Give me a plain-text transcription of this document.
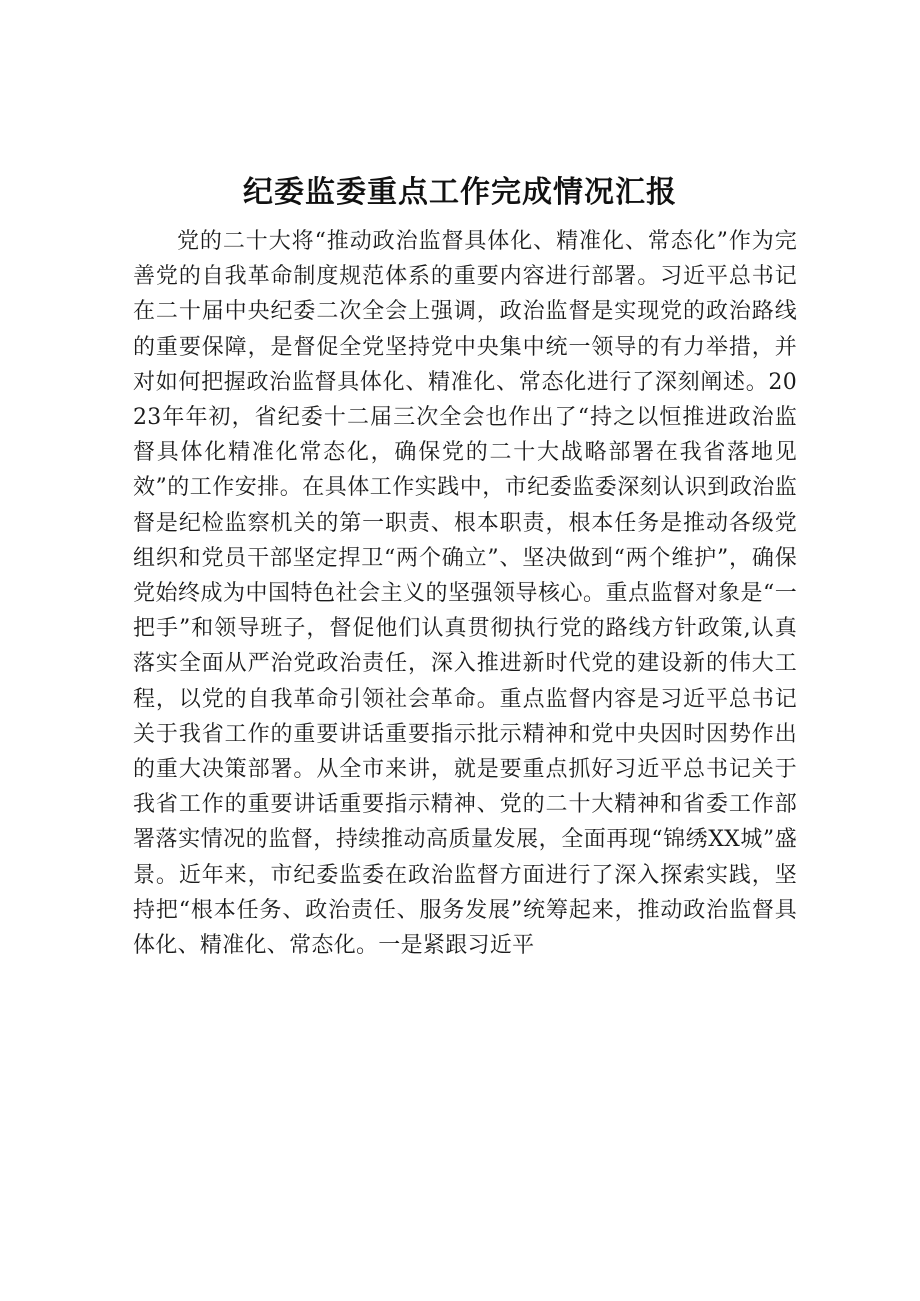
纪委监委重点工作完成情况汇报

党的二十大将“推动政治监督具体化、精准化、常态化”作为完善党的自我革命制度规范体系的重要内容进行部署。习近平总书记在二十届中央纪委二次全会上强调，政治监督是实现党的政治路线的重要保障，是督促全党坚持党中央集中统一领导的有力举措，并对如何把握政治监督具体化、精准化、常态化进行了深刻阐述。2023年年初，省纪委十二届三次全会也作出了“持之以恒推进政治监督具体化精准化常态化，确保党的二十大战略部署在我省落地见效”的工作安排。在具体工作实践中，市纪委监委深刻认识到政治监督是纪检监察机关的第一职责、根本职责，根本任务是推动各级党组织和党员干部坚定捍卫“两个确立”、坚决做到“两个维护”，确保党始终成为中国特色社会主义的坚强领导核心。重点监督对象是“一把手”和领导班子，督促他们认真贯彻执行党的路线方针政策,认真落实全面从严治党政治责任，深入推进新时代党的建设新的伟大工程，以党的自我革命引领社会革命。重点监督内容是习近平总书记关于我省工作的重要讲话重要指示批示精神和党中央因时因势作出的重大决策部署。从全市来讲，就是要重点抓好习近平总书记关于我省工作的重要讲话重要指示精神、党的二十大精神和省委工作部署落实情况的监督，持续推动高质量发展，全面再现“锦绣XX城”盛景。近年来，市纪委监委在政治监督方面进行了深入探索实践，坚持把“根本任务、政治责任、服务发展”统筹起来，推动政治监督具体化、精准化、常态化。一是紧跟习近平
